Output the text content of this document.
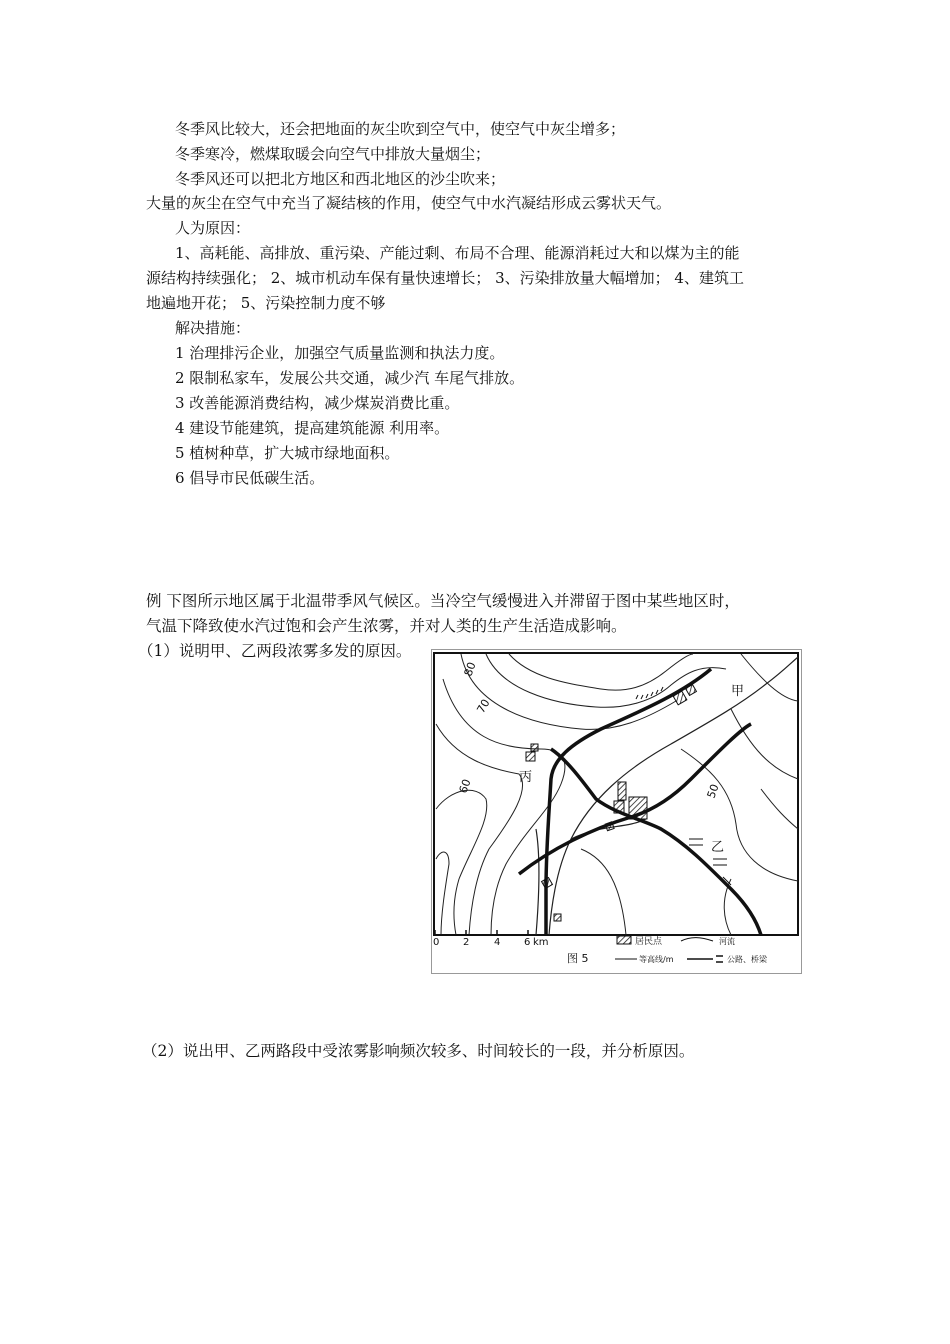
冬季风比较大，还会把地面的灰尘吹到空气中，使空气中灰尘增多；
冬季寒冷，燃煤取暖会向空气中排放大量烟尘；
冬季风还可以把北方地区和西北地区的沙尘吹来；
大量的灰尘在空气中充当了凝结核的作用，使空气中水汽凝结形成云雾状天气。
人为原因：
1、高耗能、高排放、重污染、产能过剩、布局不合理、能源消耗过大和以煤为主的能
源结构持续强化； 2、城市机动车保有量快速增长； 3、污染排放量大幅增加； 4、建筑工
地遍地开花； 5、污染控制力度不够
解决措施：
1 治理排污企业，加强空气质量监测和执法力度。
2 限制私家车，发展公共交通，减少汽 车尾气排放。
3 改善能源消费结构，减少煤炭消费比重。
4 建设节能建筑，提高建筑能源 利用率。
5 植树种草，扩大城市绿地面积。
6 倡导市民低碳生活。
例 下图所示地区属于北温带季风气候区。当冷空气缓慢进入并滞留于图中某些地区时，
气温下降致使水汽过饱和会产生浓雾，并对人类的生产生活造成影响。
（1）说明甲、乙两段浓雾多发的原因。
（2）说出甲、乙两路段中受浓雾影响频次较多、时间较长的一段，并分析原因。
80
70
60	50
甲
丙
乙
0 2 4 6 km
图 5
居民点	河流
等高线/m	公路、桥梁
